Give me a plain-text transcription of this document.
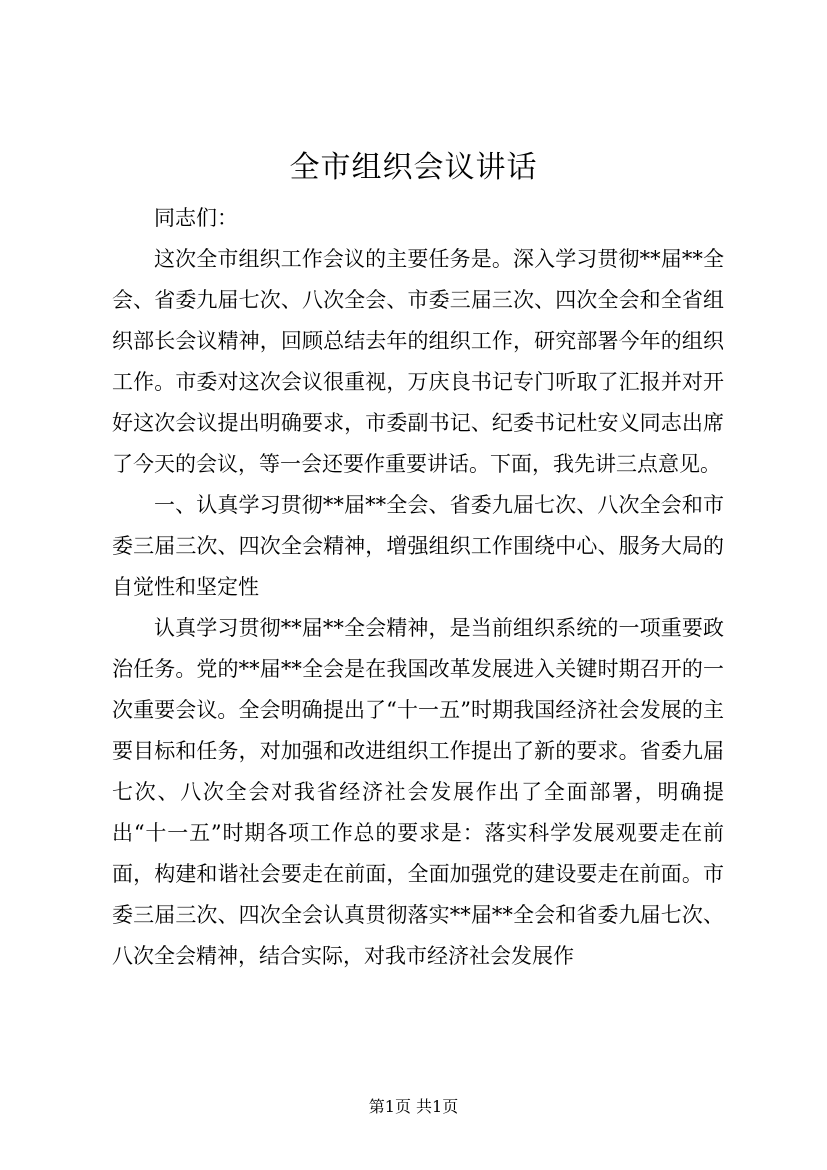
全市组织会议讲话

同志们：

这次全市组织工作会议的主要任务是。深入学习贯彻**届**全会、省委九届七次、八次全会、市委三届三次、四次全会和全省组织部长会议精神，回顾总结去年的组织工作，研究部署今年的组织工作。市委对这次会议很重视，万庆良书记专门听取了汇报并对开好这次会议提出明确要求，市委副书记、纪委书记杜安义同志出席了今天的会议，等一会还要作重要讲话。下面，我先讲三点意见。

一、认真学习贯彻**届**全会、省委九届七次、八次全会和市委三届三次、四次全会精神，增强组织工作围绕中心、服务大局的自觉性和坚定性

认真学习贯彻**届**全会精神，是当前组织系统的一项重要政治任务。党的**届**全会是在我国改革发展进入关键时期召开的一次重要会议。全会明确提出了“十一五”时期我国经济社会发展的主要目标和任务，对加强和改进组织工作提出了新的要求。省委九届七次、八次全会对我省经济社会发展作出了全面部署，明确提出“十一五”时期各项工作总的要求是：落实科学发展观要走在前面，构建和谐社会要走在前面，全面加强党的建设要走在前面。市委三届三次、四次全会认真贯彻落实**届**全会和省委九届七次、八次全会精神，结合实际，对我市经济社会发展作

第1页 共1页
